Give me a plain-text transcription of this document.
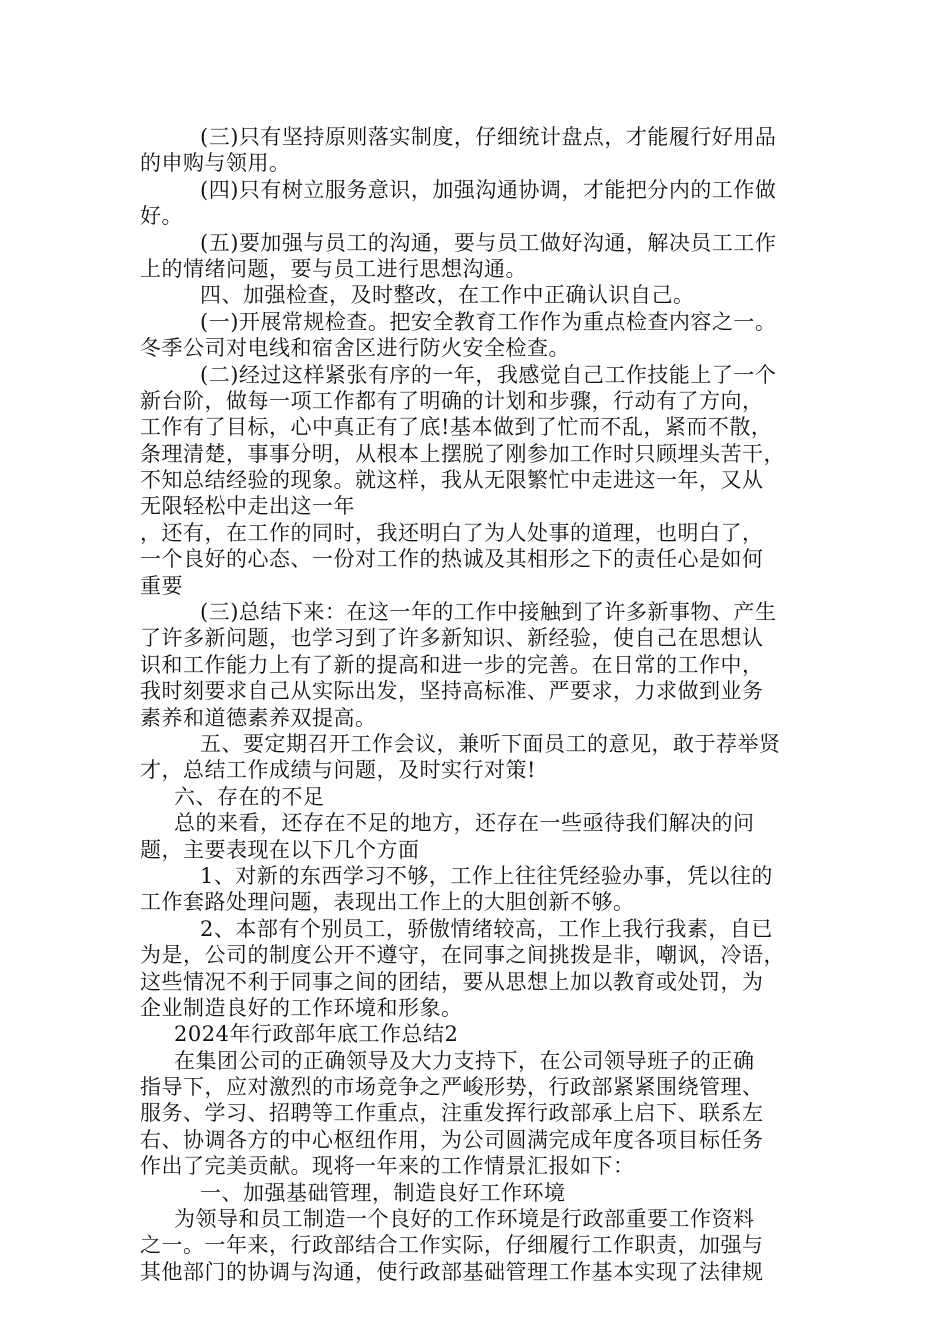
(三)只有坚持原则落实制度，仔细统计盘点，才能履行好用品
的申购与领用。
(四)只有树立服务意识，加强沟通协调，才能把分内的工作做
好。
(五)要加强与员工的沟通，要与员工做好沟通，解决员工工作
上的情绪问题，要与员工进行思想沟通。
四、加强检查，及时整改，在工作中正确认识自己。
(一)开展常规检查。把安全教育工作作为重点检查内容之一。
冬季公司对电线和宿舍区进行防火安全检查。
(二)经过这样紧张有序的一年，我感觉自己工作技能上了一个
新台阶，做每一项工作都有了明确的计划和步骤，行动有了方向，
工作有了目标，心中真正有了底!基本做到了忙而不乱，紧而不散，
条理清楚，事事分明，从根本上摆脱了刚参加工作时只顾埋头苦干，
不知总结经验的现象。就这样，我从无限繁忙中走进这一年，又从
无限轻松中走出这一年
，还有，在工作的同时，我还明白了为人处事的道理，也明白了，
一个良好的心态、一份对工作的热诚及其相形之下的责任心是如何
重要
(三)总结下来：在这一年的工作中接触到了许多新事物、产生
了许多新问题，也学习到了许多新知识、新经验，使自己在思想认
识和工作能力上有了新的提高和进一步的完善。在日常的工作中，
我时刻要求自己从实际出发，坚持高标准、严要求，力求做到业务
素养和道德素养双提高。
五、要定期召开工作会议，兼听下面员工的意见，敢于荐举贤
才，总结工作成绩与问题，及时实行对策!
六、存在的不足
总的来看，还存在不足的地方，还存在一些亟待我们解决的问
题，主要表现在以下几个方面
1、对新的东西学习不够，工作上往往凭经验办事，凭以往的
工作套路处理问题，表现出工作上的大胆创新不够。
2、本部有个别员工，骄傲情绪较高，工作上我行我素，自已
为是，公司的制度公开不遵守，在同事之间挑拨是非，嘲讽，冷语，
这些情况不利于同事之间的团结，要从思想上加以教育或处罚，为
企业制造良好的工作环境和形象。
2024年行政部年底工作总结2
在集团公司的正确领导及大力支持下，在公司领导班子的正确
指导下，应对激烈的市场竞争之严峻形势，行政部紧紧围绕管理、
服务、学习、招聘等工作重点，注重发挥行政部承上启下、联系左
右、协调各方的中心枢纽作用，为公司圆满完成年度各项目标任务
作出了完美贡献。现将一年来的工作情景汇报如下：
一、加强基础管理，制造良好工作环境
为领导和员工制造一个良好的工作环境是行政部重要工作资料
之一。一年来，行政部结合工作实际，仔细履行工作职责，加强与
其他部门的协调与沟通，使行政部基础管理工作基本实现了法律规
